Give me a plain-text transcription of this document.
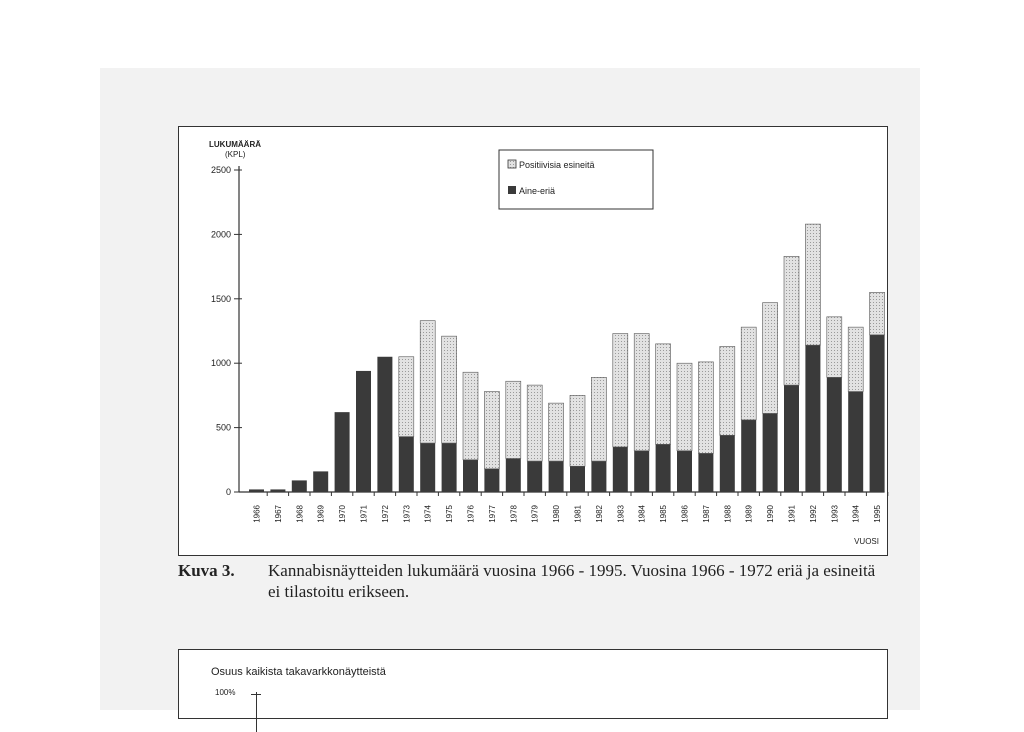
LUKUMÄÄRÄ
(KPL)
0
500
1000
1500
2000
2500
1966 1967 1968 1969 1970 1971 1972 1973 1974 1975 1976 1977 1978 1979 1980 1981 1982 1983 1984 1985 1986 1987 1988 1989 1990 1991 1992 1993 1994 1995
VUOSI
Positiivisia esineitä
Aine-eriä
Kuva 3. Kannabisnäytteiden lukumäärä vuosina 1966 - 1995. Vuosina 1966 - 1972 eriä ja esineitä ei tilastoitu erikseen.
Osuus kaikista takavarkkonäytteistä
100%
